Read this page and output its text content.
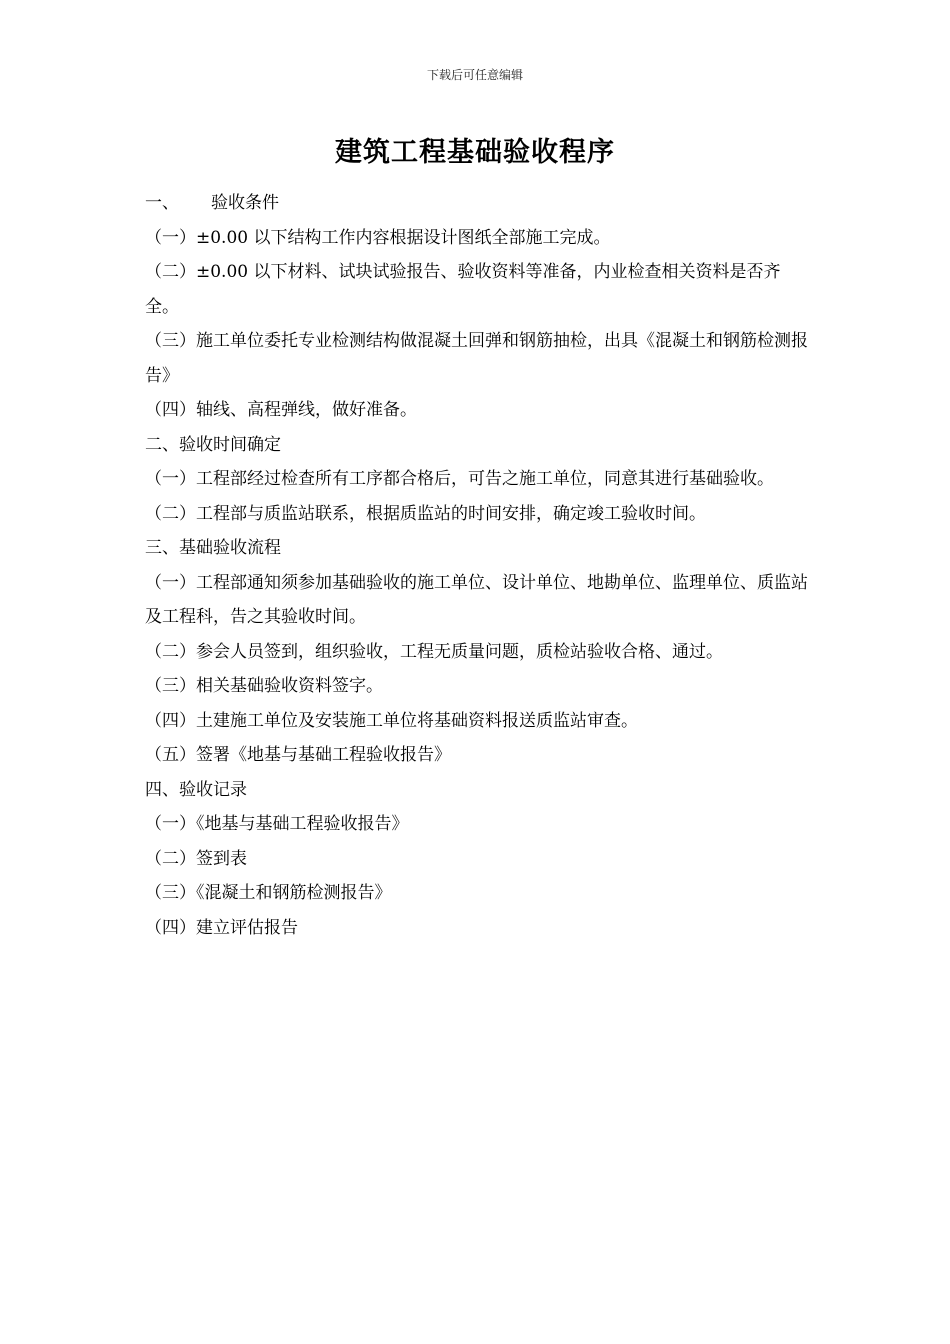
下载后可任意编辑
建筑工程基础验收程序
一、 验收条件
（一）±0.00 以下结构工作内容根据设计图纸全部施工完成。
（二）±0.00 以下材料、试块试验报告、验收资料等准备，内业检查相关资料是否齐全。
（三）施工单位委托专业检测结构做混凝土回弹和钢筋抽检，出具《混凝土和钢筋检测报告》
（四）轴线、高程弹线，做好准备。
二、验收时间确定
（一）工程部经过检查所有工序都合格后，可告之施工单位，同意其进行基础验收。
（二）工程部与质监站联系，根据质监站的时间安排，确定竣工验收时间。
三、基础验收流程
（一）工程部通知须参加基础验收的施工单位、设计单位、地勘单位、监理单位、质监站及工程科，告之其验收时间。
（二）参会人员签到，组织验收，工程无质量问题，质检站验收合格、通过。
（三）相关基础验收资料签字。
（四）土建施工单位及安装施工单位将基础资料报送质监站审查。
（五）签署《地基与基础工程验收报告》
四、验收记录
（一）《地基与基础工程验收报告》
（二）签到表
（三）《混凝土和钢筋检测报告》
（四）建立评估报告
